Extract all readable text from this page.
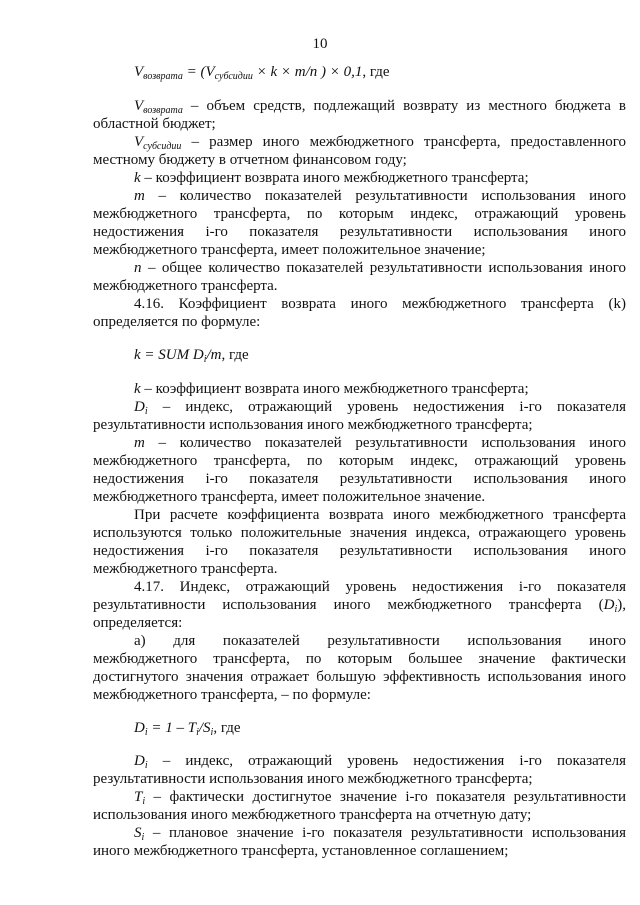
10
$V_{возврата} = (V_{субсидии} \times k \times m/n$ ) × 0,1, где
$V_{возврата}$ – объем средств, подлежащий возврату из местного бюджета в
областной бюджет;
$V_{субсидии}$ – размер иного межбюджетного трансферта, предоставленного
местному бюджету в отчетном финансовом году;
k – коэффициент возврата иного межбюджетного трансферта;
m – количество показателей результативности использования иного
межбюджетного трансферта, по которым индекс, отражающий уровень
недостижения i-го показателя результативности использования иного
межбюджетного трансферта, имеет положительное значение;
n – общее количество показателей результативности использования иного
межбюджетного трансферта.
4.16. Коэффициент возврата иного межбюджетного трансферта (k)
определяется по формуле:
k = SUM $D_i/m$, где
k – коэффициент возврата иного межбюджетного трансферта;
$D_i$ – индекс, отражающий уровень недостижения i-го показателя
результативности использования иного межбюджетного трансферта;
m – количество показателей результативности использования иного
межбюджетного трансферта, по которым индекс, отражающий уровень
недостижения i-го показателя результативности использования иного
межбюджетного трансферта, имеет положительное значение.
При расчете коэффициента возврата иного межбюджетного трансферта
используются только положительные значения индекса, отражающего уровень
недостижения i-го показателя результативности использования иного
межбюджетного трансферта.
4.17. Индекс, отражающий уровень недостижения i-го показателя
результативности использования иного межбюджетного трансферта $(D_i)$,
определяется:
а) для показателей результативности использования иного
межбюджетного трансферта, по которым большее значение фактически
достигнутого значения отражает большую эффективность использования иного
межбюджетного трансферта, – по формуле:
$D_i = 1 - T_i/S_i$, где
$D_i$ – индекс, отражающий уровень недостижения i-го показателя
результативности использования иного межбюджетного трансферта;
$T_i$ – фактически достигнутое значение i-го показателя результативности
использования иного межбюджетного трансферта на отчетную дату;
$S_i$ – плановое значение i-го показателя результативности использования
иного межбюджетного трансферта, установленное соглашением;
